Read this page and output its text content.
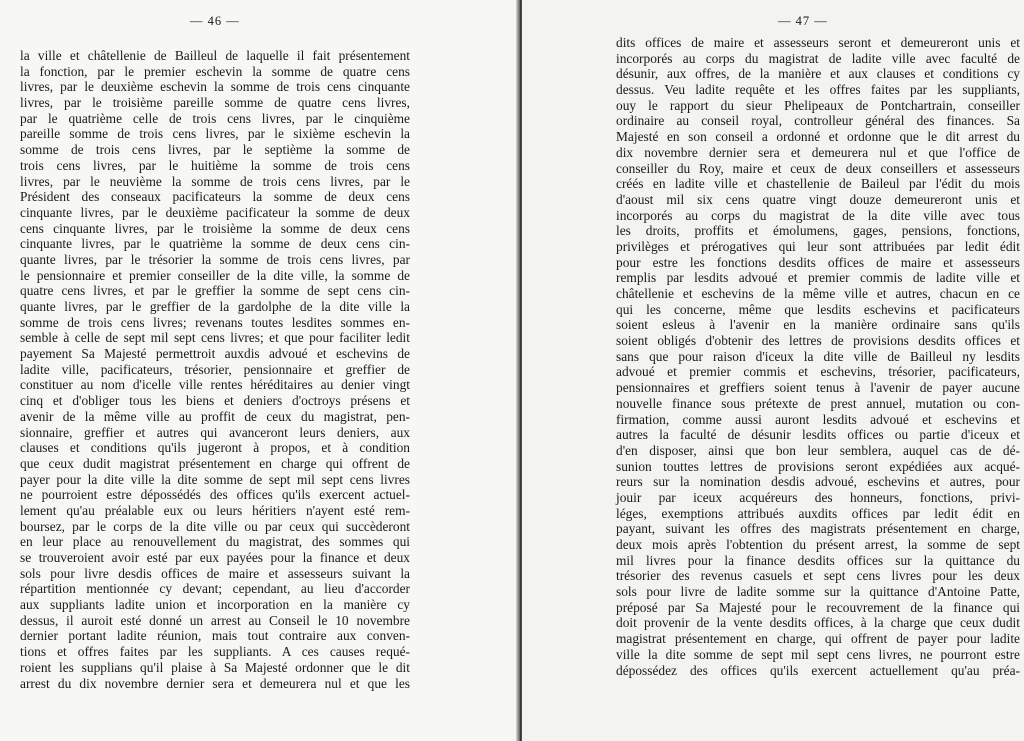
— 46 —
la ville et châtellenie de Bailleul de laquelle il fait présentement
la fonction, par le premier eschevin la somme de quatre cens
livres, par le deuxième eschevin la somme de trois cens cinquante
livres, par le troisième pareille somme de quatre cens livres,
par le quatrième celle de trois cens livres, par le cinquième
pareille somme de trois cens livres, par le sixième eschevin la
somme de trois cens livres, par le septième la somme de
trois cens livres, par le huitième la somme de trois cens
livres, par le neuvième la somme de trois cens livres, par le
Président des conseaux pacificateurs la somme de deux cens
cinquante livres, par le deuxième pacificateur la somme de deux
cens cinquante livres, par le troisième la somme de deux cens
cinquante livres, par le quatrième la somme de deux cens cin-
quante livres, par le trésorier la somme de trois cens livres, par
le pensionnaire et premier conseiller de la dite ville, la somme de
quatre cens livres, et par le greffier la somme de sept cens cin-
quante livres, par le greffier de la gardolphe de la dite ville la
somme de trois cens livres; revenans toutes lesdites sommes en-
semble à celle de sept mil sept cens livres; et que pour faciliter ledit
payement Sa Majesté permettroit auxdis advoué et eschevins de
ladite ville, pacificateurs, trésorier, pensionnaire et greffier de
constituer au nom d'icelle ville rentes héréditaires au denier vingt
cinq et d'obliger tous les biens et deniers d'octroys présens et
avenir de la même ville au proffit de ceux du magistrat, pen-
sionnaire, greffier et autres qui avanceront leurs deniers, aux
clauses et conditions qu'ils jugeront à propos, et à condition
que ceux dudit magistrat présentement en charge qui offrent de
payer pour la dite ville la dite somme de sept mil sept cens livres
ne pourroient estre dépossédés des offices qu'ils exercent actuel-
lement qu'au préalable eux ou leurs héritiers n'ayent esté rem-
boursez, par le corps de la dite ville ou par ceux qui succèderont
en leur place au renouvellement du magistrat, des sommes qui
se trouveroient avoir esté par eux payées pour la finance et deux
sols pour livre desdis offices de maire et assesseurs suivant la
répartition mentionnée cy devant; cependant, au lieu d'accorder
aux suppliants ladite union et incorporation en la manière cy
dessus, il auroit esté donné un arrest au Conseil le 10 novembre
dernier portant ladite réunion, mais tout contraire aux conven-
tions et offres faites par les suppliants. A ces causes requé-
roient les supplians qu'il plaise à Sa Majesté ordonner que le dit
arrest du dix novembre dernier sera et demeurera nul et que les
— 47 —
dits offices de maire et assesseurs seront et demeureront unis et
incorporés au corps du magistrat de ladite ville avec faculté de
désunir, aux offres, de la manière et aux clauses et conditions cy
dessus. Veu ladite requête et les offres faites par les suppliants,
ouy le rapport du sieur Phelipeaux de Pontchartrain, conseiller
ordinaire au conseil royal, controlleur général des finances. Sa
Majesté en son conseil a ordonné et ordonne que le dit arrest du
dix novembre dernier sera et demeurera nul et que l'office de
conseiller du Roy, maire et ceux de deux conseillers et assesseurs
créés en ladite ville et chastellenie de Baileul par l'édit du mois
d'aoust mil six cens quatre vingt douze demeureront unis et
incorporés au corps du magistrat de la dite ville avec tous
les droits, proffits et émolumens, gages, pensions, fonctions,
privilèges et prérogatives qui leur sont attribuées par ledit édit
pour estre les fonctions desdits offices de maire et assesseurs
remplis par lesdits advoué et premier commis de ladite ville et
châtellenie et eschevins de la même ville et autres, chacun en ce
qui les concerne, même que lesdits eschevins et pacificateurs
soient esleus à l'avenir en la manière ordinaire sans qu'ils
soient obligés d'obtenir des lettres de provisions desdits offices et
sans que pour raison d'iceux la dite ville de Bailleul ny lesdits
advoué et premier commis et eschevins, trésorier, pacificateurs,
pensionnaires et greffiers soient tenus à l'avenir de payer aucune
nouvelle finance sous prétexte de prest annuel, mutation ou con-
firmation, comme aussi auront lesdits advoué et eschevins et
autres la faculté de désunir lesdits offices ou partie d'iceux et
d'en disposer, ainsi que bon leur semblera, auquel cas de dé-
sunion touttes lettres de provisions seront expédiées aux acqué-
reurs sur la nomination desdis advoué, eschevins et autres, pour
jouir par iceux acquéreurs des honneurs, fonctions, privi-
léges, exemptions attribués auxdits offices par ledit édit en
payant, suivant les offres des magistrats présentement en charge,
deux mois après l'obtention du présent arrest, la somme de sept
mil livres pour la finance desdits offices sur la quittance du
trésorier des revenus casuels et sept cens livres pour les deux
sols pour livre de ladite somme sur la quittance d'Antoine Patte,
préposé par Sa Majesté pour le recouvrement de la finance qui
doit provenir de la vente desdits offices, à la charge que ceux dudit
magistrat présentement en charge, qui offrent de payer pour ladite
ville la dite somme de sept mil sept cens livres, ne pourront estre
dépossédez des offices qu'ils exercent actuellement qu'au préa-
